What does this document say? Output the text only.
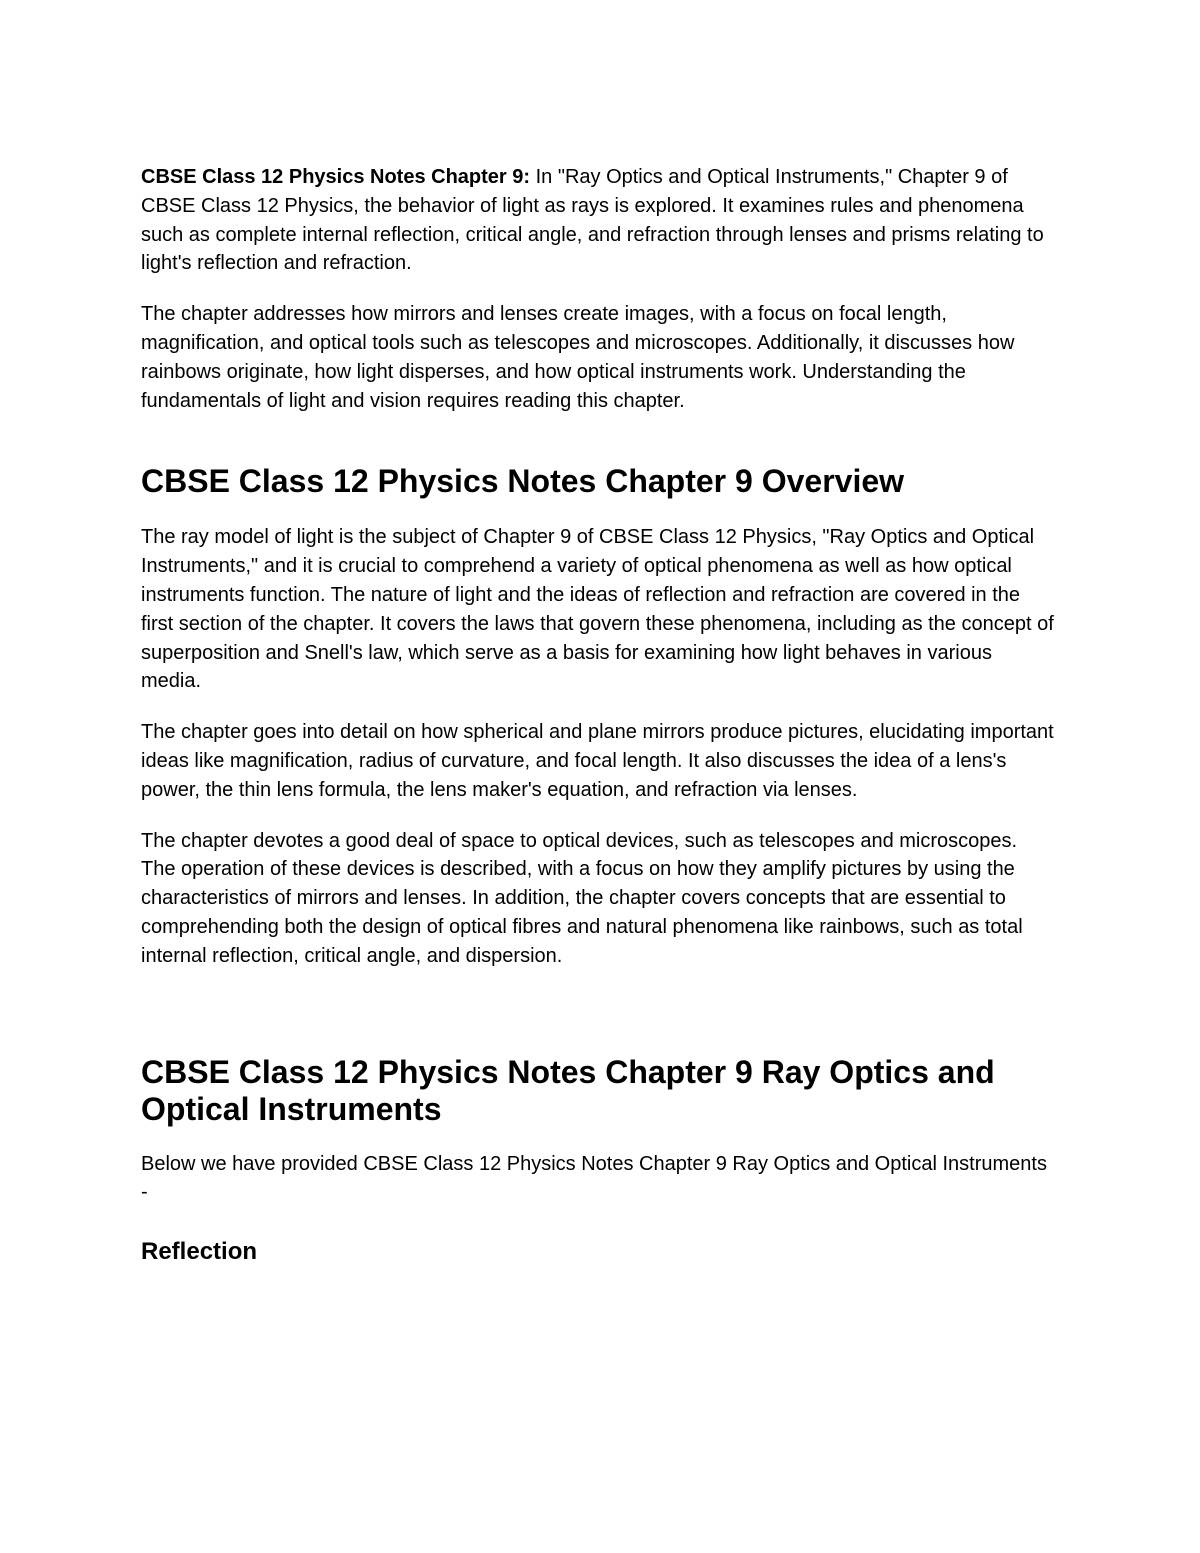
CBSE Class 12 Physics Notes Chapter 9: In "Ray Optics and Optical Instruments," Chapter 9 of CBSE Class 12 Physics, the behavior of light as rays is explored. It examines rules and phenomena such as complete internal reflection, critical angle, and refraction through lenses and prisms relating to light's reflection and refraction.

The chapter addresses how mirrors and lenses create images, with a focus on focal length, magnification, and optical tools such as telescopes and microscopes. Additionally, it discusses how rainbows originate, how light disperses, and how optical instruments work. Understanding the fundamentals of light and vision requires reading this chapter.

CBSE Class 12 Physics Notes Chapter 9 Overview

The ray model of light is the subject of Chapter 9 of CBSE Class 12 Physics, "Ray Optics and Optical Instruments," and it is crucial to comprehend a variety of optical phenomena as well as how optical instruments function. The nature of light and the ideas of reflection and refraction are covered in the first section of the chapter. It covers the laws that govern these phenomena, including as the concept of superposition and Snell's law, which serve as a basis for examining how light behaves in various media.

The chapter goes into detail on how spherical and plane mirrors produce pictures, elucidating important ideas like magnification, radius of curvature, and focal length. It also discusses the idea of a lens's power, the thin lens formula, the lens maker's equation, and refraction via lenses.

The chapter devotes a good deal of space to optical devices, such as telescopes and microscopes. The operation of these devices is described, with a focus on how they amplify pictures by using the characteristics of mirrors and lenses. In addition, the chapter covers concepts that are essential to comprehending both the design of optical fibres and natural phenomena like rainbows, such as total internal reflection, critical angle, and dispersion.

CBSE Class 12 Physics Notes Chapter 9 Ray Optics and Optical Instruments

Below we have provided CBSE Class 12 Physics Notes Chapter 9 Ray Optics and Optical Instruments -

Reflection
